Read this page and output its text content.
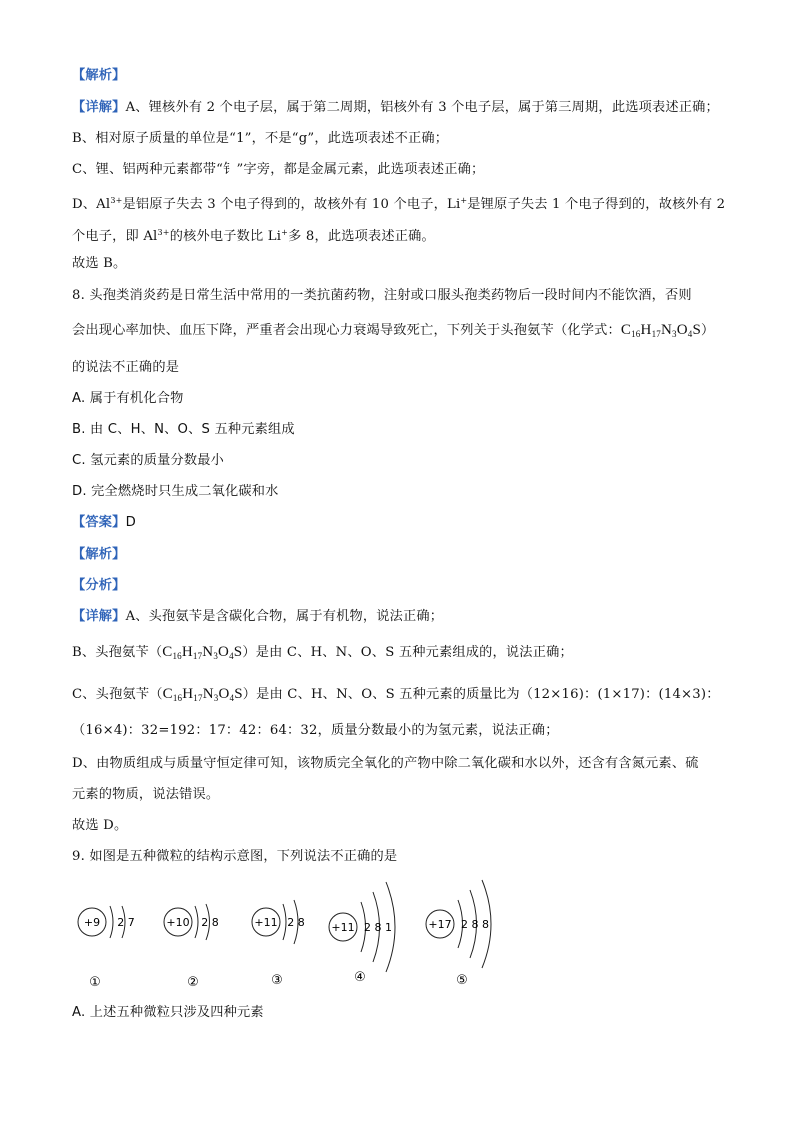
【解析】
【详解】A、锂核外有 2 个电子层，属于第二周期，铝核外有 3 个电子层，属于第三周期，此选项表述正确；
B、相对原子质量的单位是“1”，不是“g”，此选项表述不正确；
C、锂、铝两种元素都带“钅”字旁，都是金属元素，此选项表述正确；
D、$Al^{3+}$是铝原子失去 3 个电子得到的，故核外有 10 个电子，Li+是锂原子失去 1 个电子得到的，故核外有 2
个电子，即 $Al^{3+}$的核外电子数比 Li+多 8，此选项表述正确。
故选 B。
8. 头孢类消炎药是日常生活中常用的一类抗菌药物，注射或口服头孢类药物后一段时间内不能饮酒，否则
会出现心率加快、血压下降，严重者会出现心力衰竭导致死亡，下列关于头孢氨苄（化学式：$C_{16}H_{17}N_3O_4S$）
的说法不正确的是
A. 属于有机化合物
B. 由 C、H、N、O、S 五种元素组成
C. 氢元素的质量分数最小
D. 完全燃烧时只生成二氧化碳和水
【答案】D
【解析】
【分析】
【详解】A、头孢氨苄是含碳化合物，属于有机物，说法正确；
B、头孢氨苄$(C_{16}H_{17}N_3O_4S)$是由 C、H、N、O、S 五种元素组成的，说法正确；
C、头孢氨苄$(C_{16}H_{17}N_3O_4S)$是由 C、H、N、O、S 五种元素的质量比为（12×16)：(1×17)：(14×3)：
（16×4)：32=192：17：42：64：32，质量分数最小的为氢元素，说法正确；
D、由物质组成与质量守恒定律可知，该物质完全氧化的产物中除二氧化碳和水以外，还含有含氮元素、硫
元素的物质，说法错误。
故选 D。
9. 如图是五种微粒的结构示意图，下列说法不正确的是
+9 2 7
①
+10 2 8
②
+11 2 8
③
+11 2 8 1
④
+17 2 8 8
⑤
A. 上述五种微粒只涉及四种元素
